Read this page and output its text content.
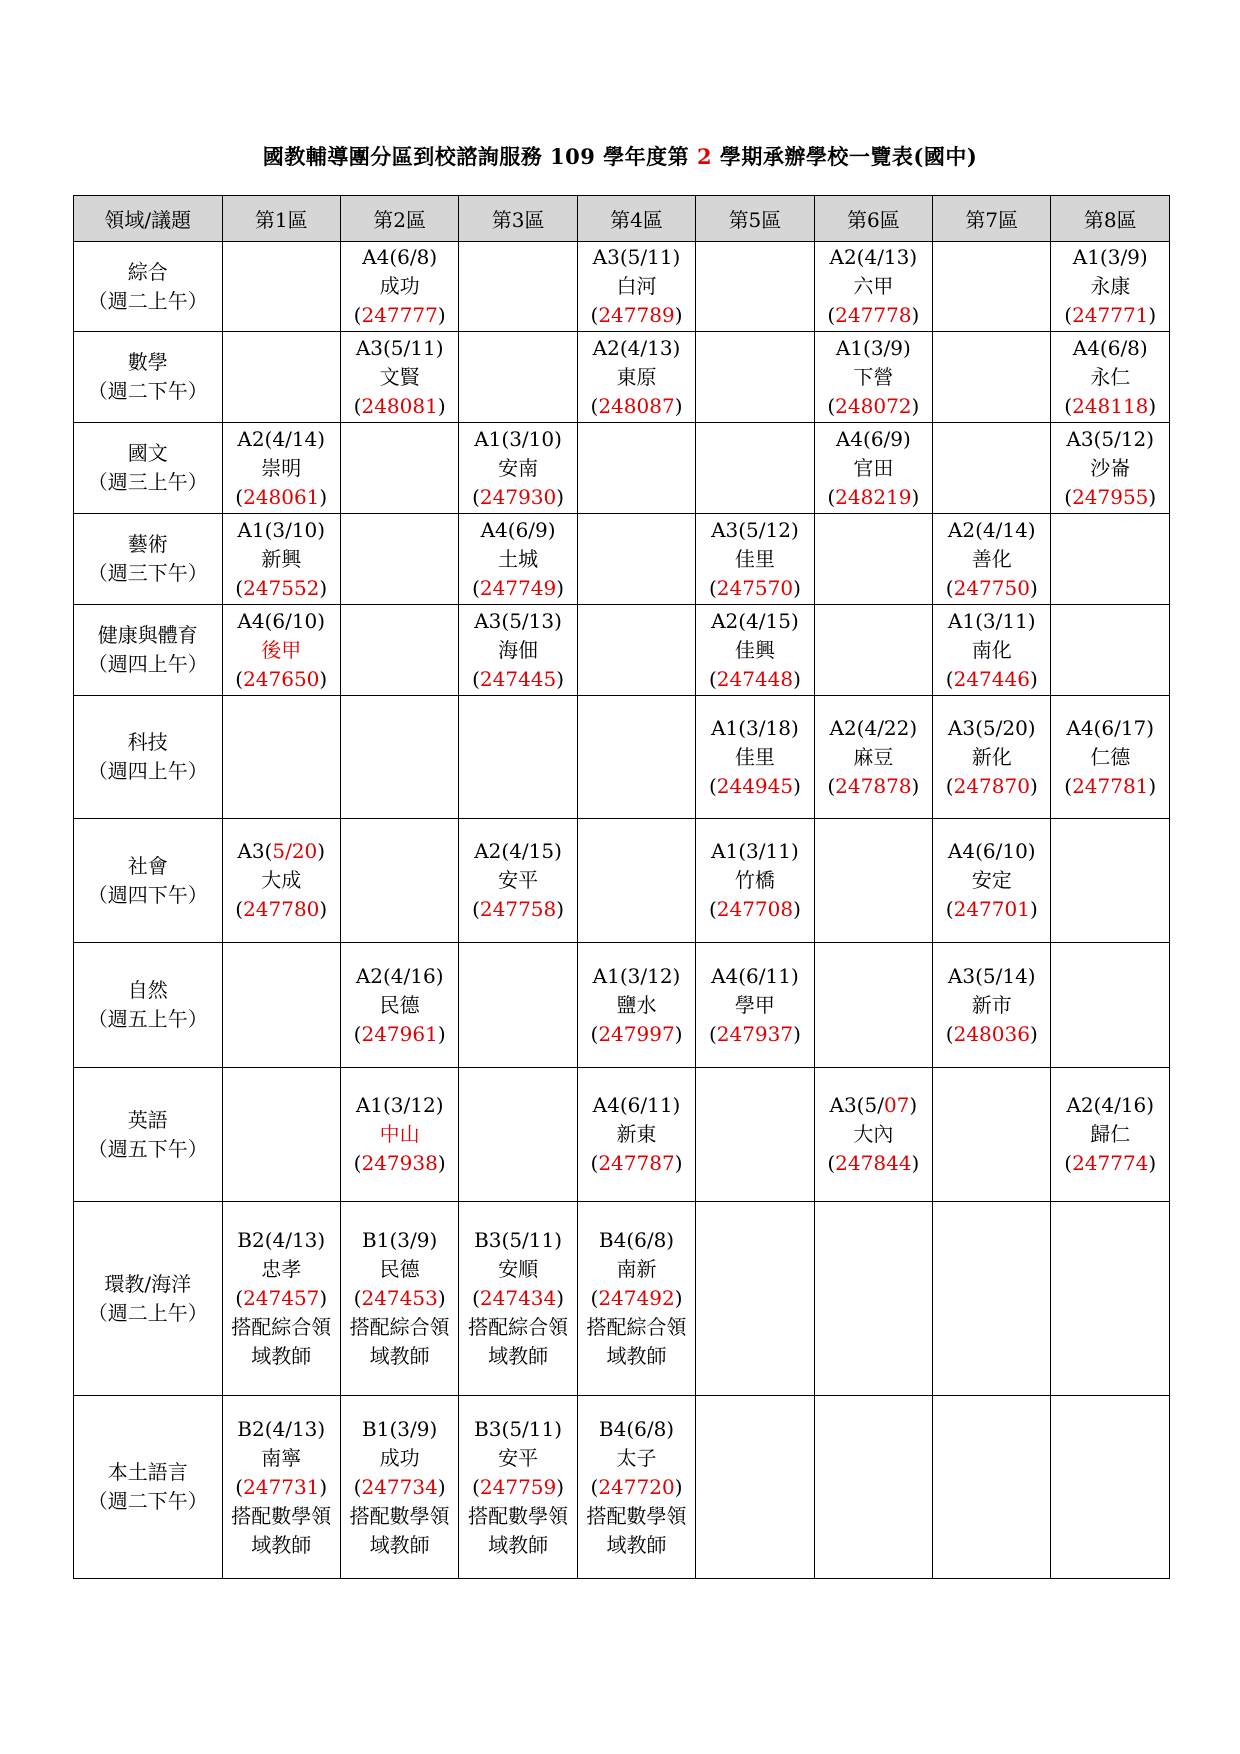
國教輔導團分區到校諮詢服務 109 學年度第 2 學期承辦學校一覽表(國中)
領域/議題	第1區	第2區	第3區	第4區	第5區	第6區	第7區	第8區

綜合
（週二上午）		A4(6/8)
成功
(247777)		A3(5/11)
白河
(247789)		A2(4/13)
六甲
(247778)		A1(3/9)
永康
(247771)

數學
（週二下午）		A3(5/11)
文賢
(248081)		A2(4/13)
東原
(248087)		A1(3/9)
下營
(248072)		A4(6/8)
永仁
(248118)

國文
（週三上午）	A2(4/14)
崇明
(248061)		A1(3/10)
安南
(247930)			A4(6/9)
官田
(248219)		A3(5/12)
沙崙
(247955)

藝術
（週三下午）	A1(3/10)
新興
(247552)		A4(6/9)
土城
(247749)		A3(5/12)
佳里
(247570)		A2(4/14)
善化
(247750)	

健康與體育
（週四上午）	A4(6/10)
後甲
(247650)		A3(5/13)
海佃
(247445)		A2(4/15)
佳興
(247448)		A1(3/11)
南化
(247446)	

科技
（週四上午）					A1(3/18)
佳里
(244945)	A2(4/22)
麻豆
(247878)	A3(5/20)
新化
(247870)	A4(6/17)
仁德
(247781)

社會
（週四下午）	A3(5/20)
大成
(247780)		A2(4/15)
安平
(247758)		A1(3/11)
竹橋
(247708)		A4(6/10)
安定
(247701)	

自然
（週五上午）		A2(4/16)
民德
(247961)		A1(3/12)
鹽水
(247997)	A4(6/11)
學甲
(247937)		A3(5/14)
新市
(248036)	

英語
（週五下午）		A1(3/12)
中山
(247938)		A4(6/11)
新東
(247787)		A3(5/07)
大內
(247844)		A2(4/16)
歸仁
(247774)

環教/海洋
（週二上午）	B2(4/13)
忠孝
(247457)
搭配綜合領
域教師	B1(3/9)
民德
(247453)
搭配綜合領
域教師	B3(5/11)
安順
(247434)
搭配綜合領
域教師	B4(6/8)
南新
(247492)
搭配綜合領
域教師				

本土語言
（週二下午）	B2(4/13)
南寧
(247731)
搭配數學領
域教師	B1(3/9)
成功
(247734)
搭配數學領
域教師	B3(5/11)
安平
(247759)
搭配數學領
域教師	B4(6/8)
太子
(247720)
搭配數學領
域教師				
